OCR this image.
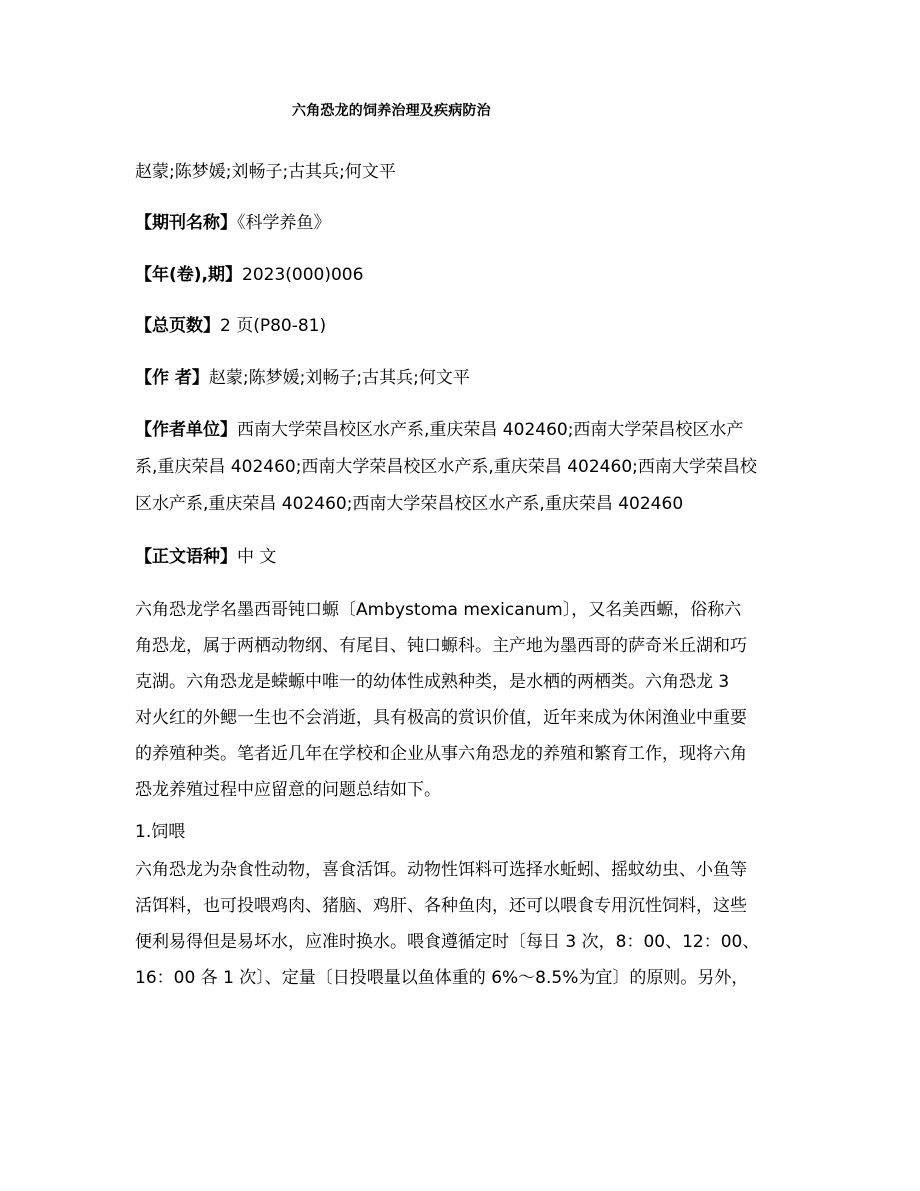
六角恐龙的饲养治理及疾病防治
赵蒙;陈梦媛;刘畅子;古其兵;何文平
【期刊名称】《科学养鱼》
【年(卷),期】2023(000)006
【总页数】2 页(P80-81)
【作 者】赵蒙;陈梦媛;刘畅子;古其兵;何文平
【作者单位】西南大学荣昌校区水产系,重庆荣昌 402460;西南大学荣昌校区水产
系,重庆荣昌 402460;西南大学荣昌校区水产系,重庆荣昌 402460;西南大学荣昌校
区水产系,重庆荣昌 402460;西南大学荣昌校区水产系,重庆荣昌 402460
【正文语种】中 文

六角恐龙学名墨西哥钝口螈〔Ambystoma mexicanum〕，又名美西螈，俗称六

角恐龙，属于两栖动物纲、有尾目、钝口螈科。主产地为墨西哥的萨奇米丘湖和巧

克湖。六角恐龙是蝾螈中唯一的幼体性成熟种类，是水栖的两栖类。六角恐龙 3

对火红的外鳃一生也不会消逝，具有极高的赏识价值，近年来成为休闲渔业中重要

的养殖种类。笔者近几年在学校和企业从事六角恐龙的养殖和繁育工作，现将六角

恐龙养殖过程中应留意的问题总结如下。

1.饲喂

六角恐龙为杂食性动物，喜食活饵。动物性饵料可选择水蚯蚓、摇蚊幼虫、小鱼等

活饵料，也可投喂鸡肉、猪脑、鸡肝、各种鱼肉，还可以喂食专用沉性饲料，这些

便利易得但是易坏水，应准时换水。喂食遵循定时〔每日 3 次，8：00、12：00、

16：00 各 1 次〕、定量〔日投喂量以鱼体重的 6%～8.5%为宜〕的原则。另外，
